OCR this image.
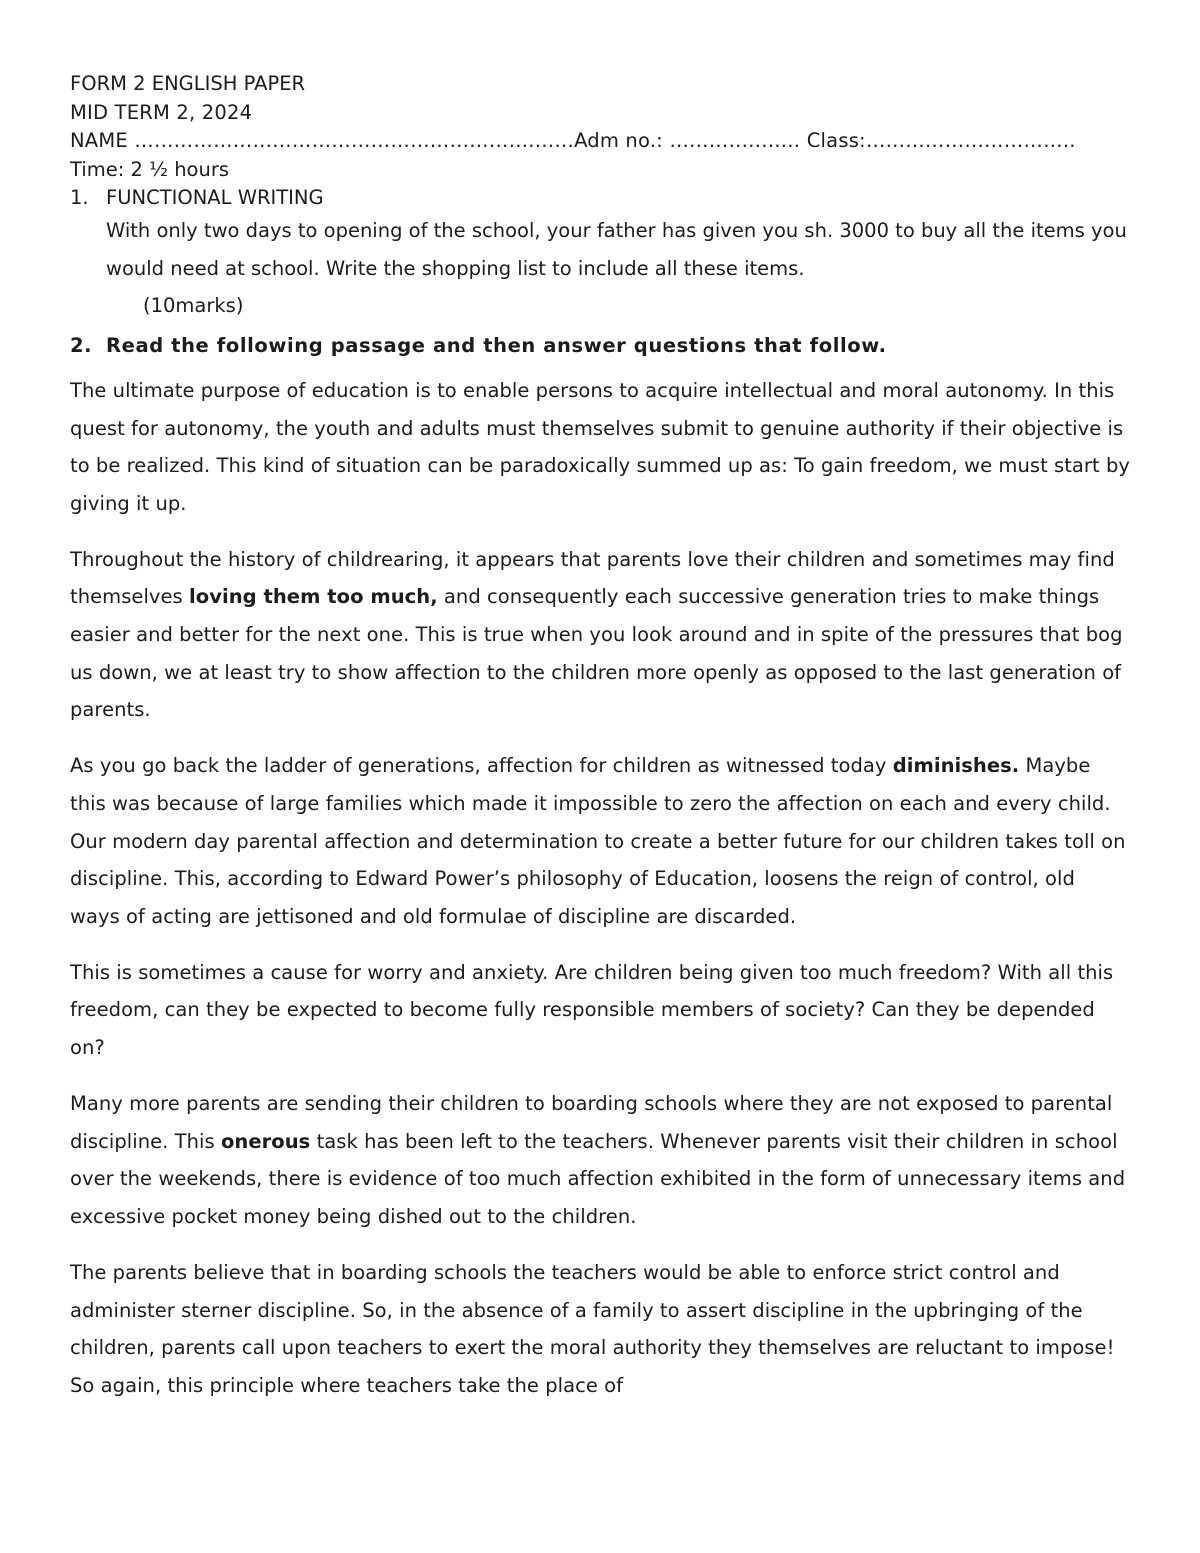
FORM 2 ENGLISH PAPER

MID TERM 2, 2024

NAME …………………………………………………….……Adm no.: ……………..… Class:…………………………..

Time: 2 ½ hours

1. FUNCTIONAL WRITING

With only two days to opening of the school, your father has given you sh. 3000 to buy all the items you would need at school. Write the shopping list to include all these items.

(10marks)

2. Read the following passage and then answer questions that follow.

The ultimate purpose of education is to enable persons to acquire intellectual and moral autonomy. In this quest for autonomy, the youth and adults must themselves submit to genuine authority if their objective is to be realized. This kind of situation can be paradoxically summed up as: To gain freedom, we must start by giving it up.

Throughout the history of childrearing, it appears that parents love their children and sometimes may find themselves loving them too much, and consequently each successive generation tries to make things easier and better for the next one. This is true when you look around and in spite of the pressures that bog us down, we at least try to show affection to the children more openly as opposed to the last generation of parents.

As you go back the ladder of generations, affection for children as witnessed today diminishes. Maybe this was because of large families which made it impossible to zero the affection on each and every child. Our modern day parental affection and determination to create a better future for our children takes toll on discipline. This, according to Edward Power’s philosophy of Education, loosens the reign of control, old ways of acting are jettisoned and old formulae of discipline are discarded.

This is sometimes a cause for worry and anxiety. Are children being given too much freedom? With all this freedom, can they be expected to become fully responsible members of society? Can they be depended on?

Many more parents are sending their children to boarding schools where they are not exposed to parental discipline. This onerous task has been left to the teachers. Whenever parents visit their children in school over the weekends, there is evidence of too much affection exhibited in the form of unnecessary items and excessive pocket money being dished out to the children.

The parents believe that in boarding schools the teachers would be able to enforce strict control and administer sterner discipline. So, in the absence of a family to assert discipline in the upbringing of the children, parents call upon teachers to exert the moral authority they themselves are reluctant to impose! So again, this principle where teachers take the place of
